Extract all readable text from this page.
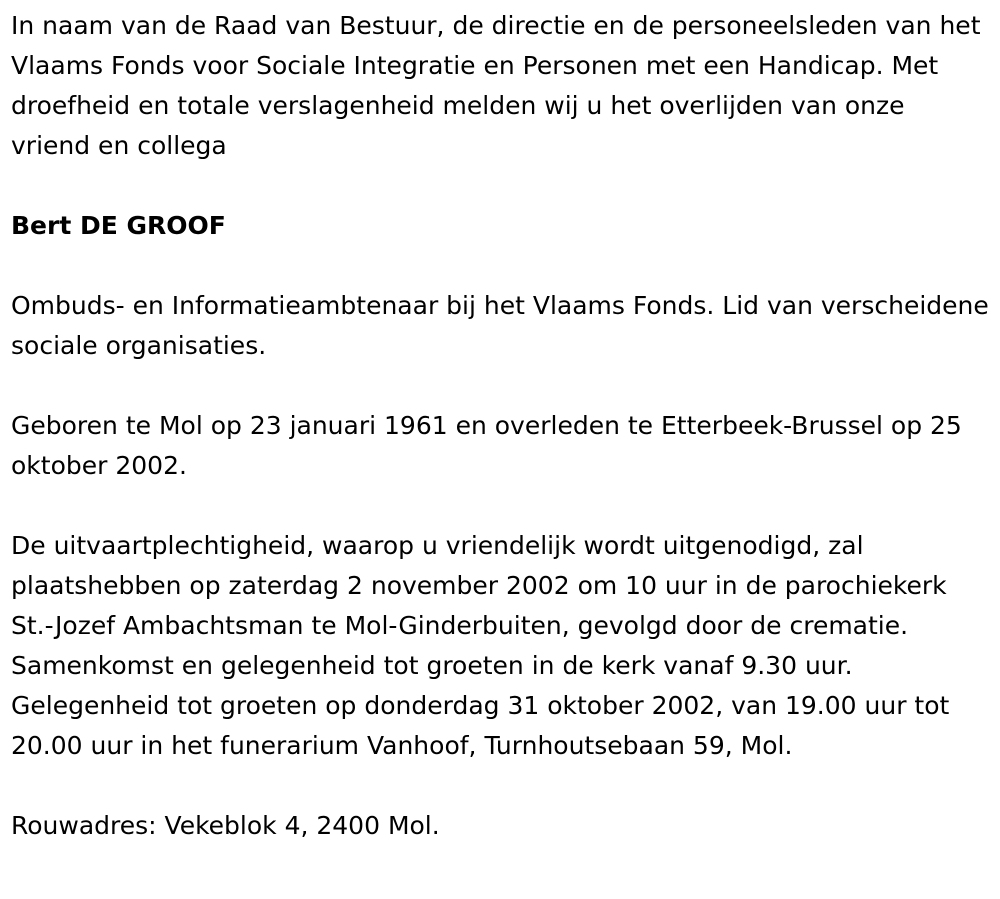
In naam van de Raad van Bestuur, de directie en de personeelsleden van het Vlaams Fonds voor Sociale Integratie en Personen met een Handicap. Met droefheid en totale verslagenheid melden wij u het overlijden van onze vriend en collega

Bert DE GROOF

Ombuds- en Informatieambtenaar bij het Vlaams Fonds. Lid van verscheidene sociale organisaties.

Geboren te Mol op 23 januari 1961 en overleden te Etterbeek-Brussel op 25 oktober 2002.

De uitvaartplechtigheid, waarop u vriendelijk wordt uitgenodigd, zal plaatshebben op zaterdag 2 november 2002 om 10 uur in de parochiekerk St.-Jozef Ambachtsman te Mol-Ginderbuiten, gevolgd door de crematie. Samenkomst en gelegenheid tot groeten in de kerk vanaf 9.30 uur. Gelegenheid tot groeten op donderdag 31 oktober 2002, van 19.00 uur tot 20.00 uur in het funerarium Vanhoof, Turnhoutsebaan 59, Mol.

Rouwadres: Vekeblok 4, 2400 Mol.
